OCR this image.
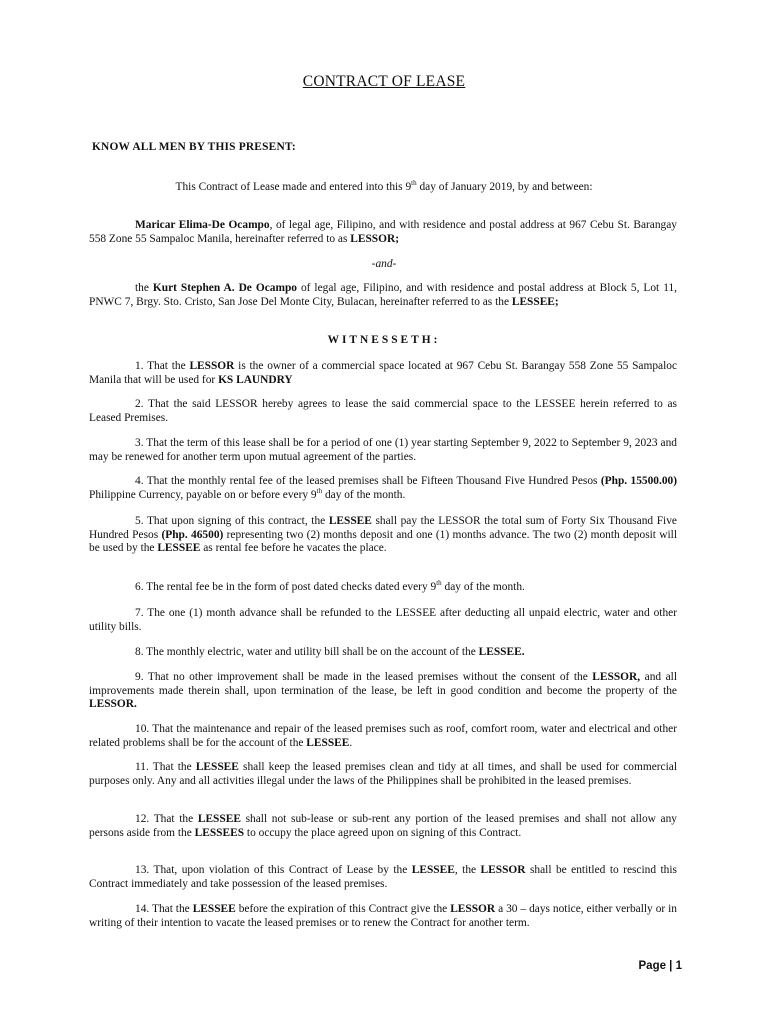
CONTRACT OF LEASE
KNOW ALL MEN BY THIS PRESENT:
This Contract of Lease made and entered into this 9th day of January 2019, by and between:
Maricar Elima-De Ocampo, of legal age, Filipino, and with residence and postal address at 967 Cebu St. Barangay 558 Zone 55 Sampaloc Manila, hereinafter referred to as LESSOR;
-and-
the Kurt Stephen A. De Ocampo of legal age, Filipino, and with residence and postal address at Block 5, Lot 11, PNWC 7, Brgy. Sto. Cristo, San Jose Del Monte City, Bulacan, hereinafter referred to as the LESSEE;
WITNESSETH:
1. That the LESSOR is the owner of a commercial space located at 967 Cebu St. Barangay 558 Zone 55 Sampaloc Manila that will be used for KS LAUNDRY
2. That the said LESSOR hereby agrees to lease the said commercial space to the LESSEE herein referred to as Leased Premises.
3. That the term of this lease shall be for a period of one (1) year starting September 9, 2022 to September 9, 2023 and may be renewed for another term upon mutual agreement of the parties.
4. That the monthly rental fee of the leased premises shall be Fifteen Thousand Five Hundred Pesos (Php. 15500.00) Philippine Currency, payable on or before every 9th day of the month.
5. That upon signing of this contract, the LESSEE shall pay the LESSOR the total sum of Forty Six Thousand Five Hundred Pesos (Php. 46500) representing two (2) months deposit and one (1) months advance. The two (2) month deposit will be used by the LESSEE as rental fee before he vacates the place.
6. The rental fee be in the form of post dated checks dated every 9th day of the month.
7. The one (1) month advance shall be refunded to the LESSEE after deducting all unpaid electric, water and other utility bills.
8. The monthly electric, water and utility bill shall be on the account of the LESSEE.
9. That no other improvement shall be made in the leased premises without the consent of the LESSOR, and all improvements made therein shall, upon termination of the lease, be left in good condition and become the property of the LESSOR.
10. That the maintenance and repair of the leased premises such as roof, comfort room, water and electrical and other related problems shall be for the account of the LESSEE.
11. That the LESSEE shall keep the leased premises clean and tidy at all times, and shall be used for commercial purposes only. Any and all activities illegal under the laws of the Philippines shall be prohibited in the leased premises.
12. That the LESSEE shall not sub-lease or sub-rent any portion of the leased premises and shall not allow any persons aside from the LESSEES to occupy the place agreed upon on signing of this Contract.
13. That, upon violation of this Contract of Lease by the LESSEE, the LESSOR shall be entitled to rescind this Contract immediately and take possession of the leased premises.
14. That the LESSEE before the expiration of this Contract give the LESSOR a 30 – days notice, either verbally or in writing of their intention to vacate the leased premises or to renew the Contract for another term.
Page | 1
